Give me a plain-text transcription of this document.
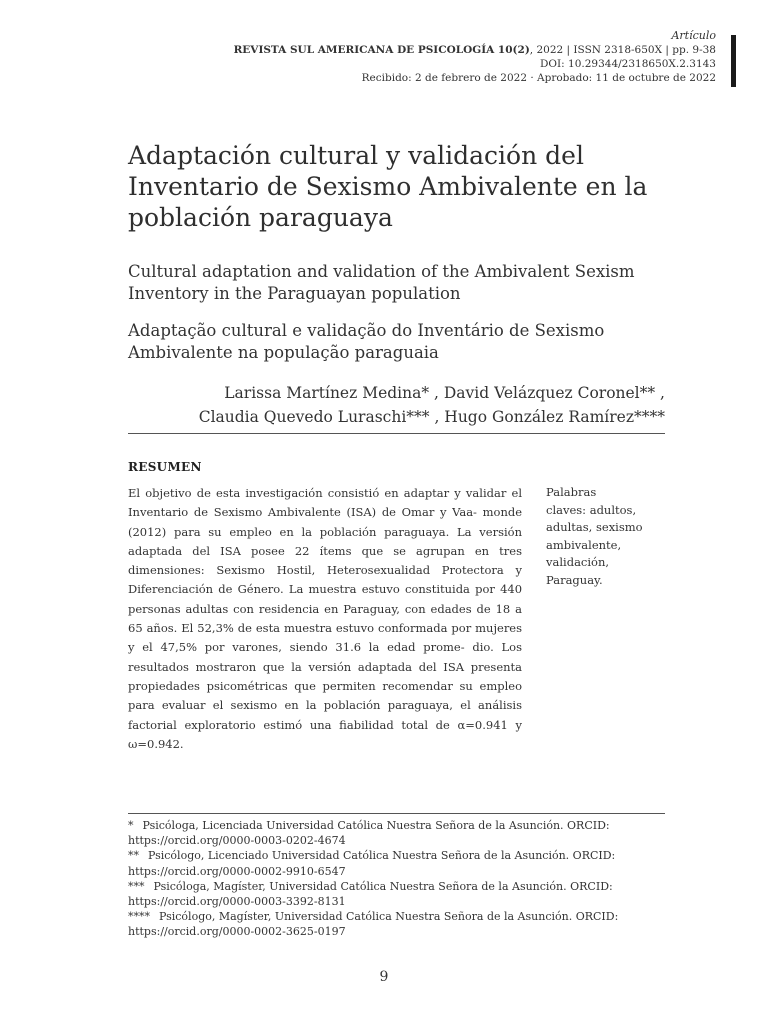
Artículo
REVISTA SUL AMERICANA DE PSICOLOGÍA 10(2), 2022 | ISSN 2318-650X | pp. 9-38
DOI: 10.29344/2318650X.2.3143
Recibido: 2 de febrero de 2022 · Aprobado: 11 de octubre de 2022
Adaptación cultural y validación del
Inventario de Sexismo Ambivalente en la
población paraguaya
Cultural adaptation and validation of the Ambivalent Sexism
Inventory in the Paraguayan population
Adaptação cultural e validação do Inventário de Sexismo
Ambivalente na população paraguaia
Larissa Martínez Medina* , David Velázquez Coronel** ,
Claudia Quevedo Luraschi*** , Hugo González Ramírez****
RESUMEN

El objetivo de esta investigación consistió en adaptar y validar el Inventario de Sexismo Ambivalente (ISA) de Omar y Vaa- monde (2012) para su empleo en la población paraguaya. La versión adaptada del ISA posee 22 ítems que se agrupan en tres dimensiones: Sexismo Hostil, Heterosexualidad Protectora y Diferenciación de Género. La muestra estuvo constituida por 440 personas adultas con residencia en Paraguay, con edades de 18 a 65 años. El 52,3% de esta muestra estuvo conformada por mujeres y el 47,5% por varones, siendo 31.6 la edad prome- dio. Los resultados mostraron que la versión adaptada del ISA presenta propiedades psicométricas que permiten recomendar su empleo para evaluar el sexismo en la población paraguaya, el análisis factorial exploratorio estimó una fiabilidad total de α=0.941 y ω=0.942.

Palabras
claves: adultos,
adultas, sexismo
ambivalente,
validación,
Paraguay.

* Psicóloga, Licenciada Universidad Católica Nuestra Señora de la Asunción. ORCID:
https://orcid.org/0000-0003-0202-4674
** Psicólogo, Licenciado Universidad Católica Nuestra Señora de la Asunción. ORCID:
https://orcid.org/0000-0002-9910-6547
*** Psicóloga, Magíster, Universidad Católica Nuestra Señora de la Asunción. ORCID:
https://orcid.org/0000-0003-3392-8131
**** Psicólogo, Magíster, Universidad Católica Nuestra Señora de la Asunción. ORCID:
https://orcid.org/0000-0002-3625-0197
9
